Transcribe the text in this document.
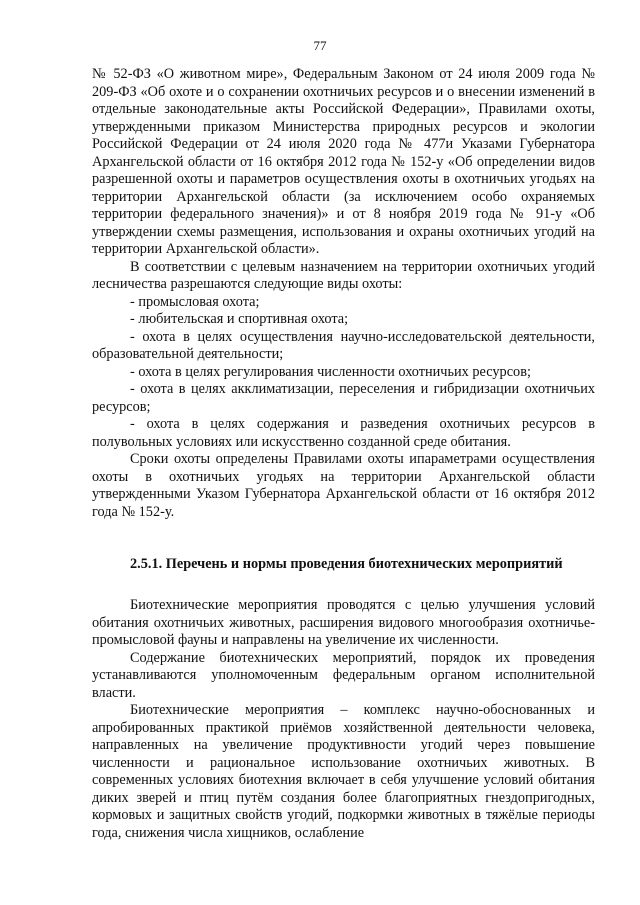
77

№ 52-ФЗ «О животном мире», Федеральным Законом от 24 июля 2009 года № 209-ФЗ «Об охоте и о сохранении охотничьих ресурсов и о внесении изменений в отдельные законодательные акты Российской Федерации», Правилами охоты, утвержденными приказом Министерства природных ресурсов и экологии Российской Федерации от 24 июля 2020 года № 477и Указами Губернатора Архангельской области от 16 октября 2012 года № 152-у «Об определении видов разрешенной охоты и параметров осуществления охоты в охотничьих угодьях на территории Архангельской области (за исключением особо охраняемых территории федерального значения)» и от 8 ноября 2019 года № 91-у «Об утверждении схемы размещения, использования и охраны охотничьих угодий на территории Архангельской области».

В соответствии с целевым назначением на территории охотничьих угодий лесничества разрешаются следующие виды охоты:

- промысловая охота;
- любительская и спортивная охота;
- охота в целях осуществления научно-исследовательской деятельности, образовательной деятельности;
- охота в целях регулирования численности охотничьих ресурсов;
- охота в целях акклиматизации, переселения и гибридизации охотничьих ресурсов;
- охота в целях содержания и разведения охотничьих ресурсов в полувольных условиях или искусственно созданной среде обитания.

Сроки охоты определены Правилами охоты ипараметрами осуществления охоты в охотничьих угодьях на территории Архангельской области утвержденными Указом Губернатора Архангельской области от 16 октября 2012 года № 152-у.

2.5.1. Перечень и нормы проведения биотехнических мероприятий

Биотехнические мероприятия проводятся с целью улучшения условий обитания охотничьих животных, расширения видового многообразия охотничье-промысловой фауны и направлены на увеличение их численности.

Содержание биотехнических мероприятий, порядок их проведения устанавливаются уполномоченным федеральным органом исполнительной власти.

Биотехнические мероприятия – комплекс научно-обоснованных и апробированных практикой приёмов хозяйственной деятельности человека, направленных на увеличение продуктивности угодий через повышение численности и рациональное использование охотничьих животных. В современных условиях биотехния включает в себя улучшение условий обитания диких зверей и птиц путём создания более благоприятных гнездопригодных, кормовых и защитных свойств угодий, подкормки животных в тяжёлые периоды года, снижения числа хищников, ослабление
